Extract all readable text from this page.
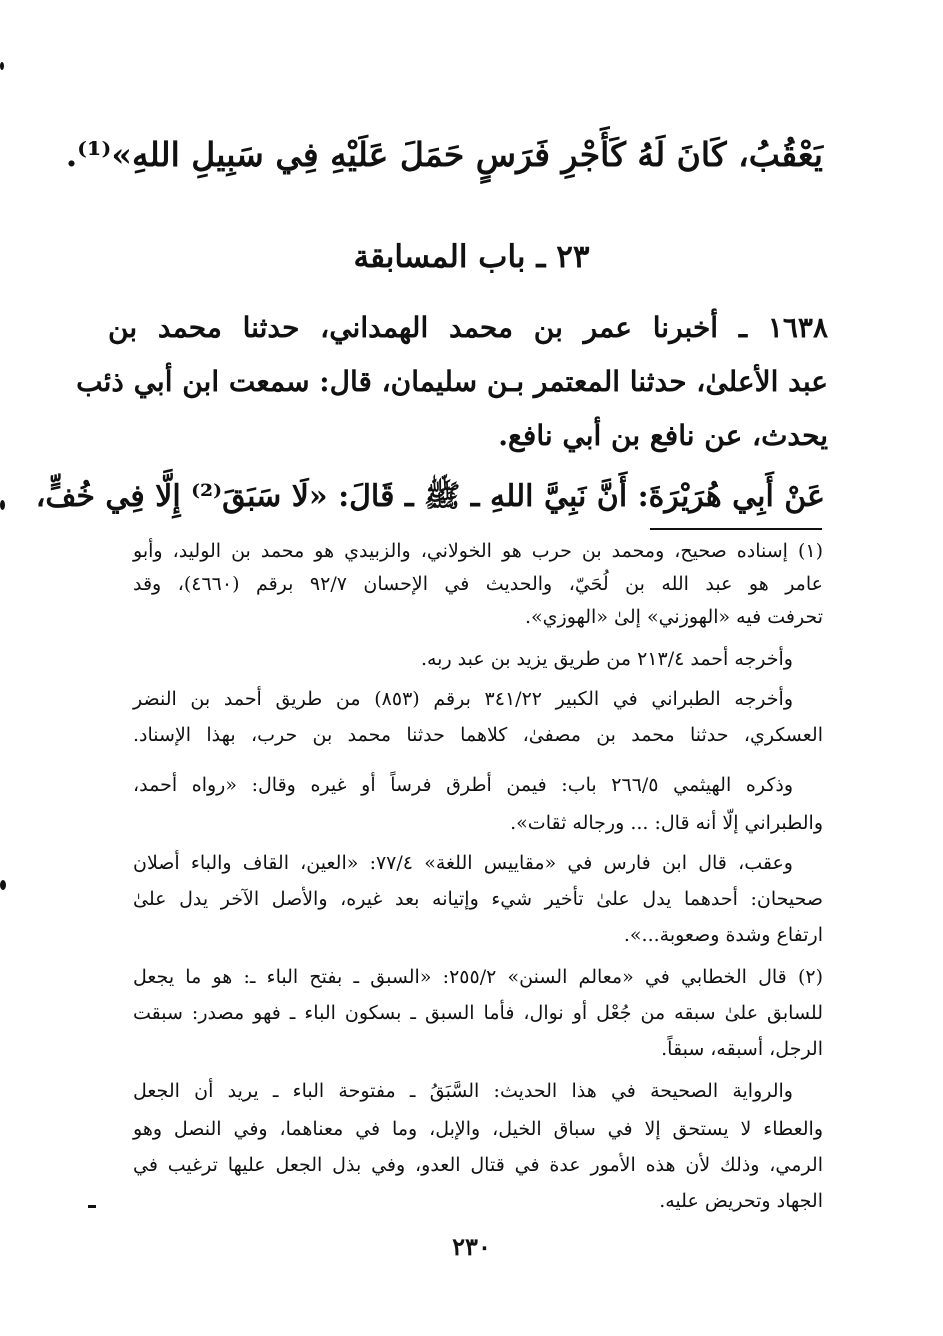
يَعْقُبُ، كَانَ لَهُ كَأَجْرِ فَرَسٍ حَمَلَ عَلَيْهِ فِي سَبِيلِ اللهِ»⁽¹⁾.
٢٣ ـ باب المسابقة
١٦٣٨ ـ أخبرنا عمر بن محمد الهمداني، حدثنا محمد بن
عبد الأعلىٰ، حدثنا المعتمر بـن سليمان، قال: سمعت ابن أبي ذئب
يحدث، عن نافع بن أبي نافع.
عَنْ أَبِي هُرَيْرَةَ: أَنَّ نَبِيَّ اللهِ ـ ﷺ ـ قَالَ: «لَا سَبَقَ⁽²⁾ إِلَّا فِي خُفٍّ،
(١) إسناده صحيح، ومحمد بن حرب هو الخولاني، والزبيدي هو محمد بن الوليد، وأبو
عامر هو عبد الله بن لُحَيّ، والحديث في الإحسان ٩٢/٧ برقم (٤٦٦٠)، وقد
تحرفت فيه «الهوزني» إلىٰ «الهوزي».
وأخرجه أحمد ٢١٣/٤ من طريق يزيد بن عبد ربه.
وأخرجه الطبراني في الكبير ٣٤١/٢٢ برقم (٨٥٣) من طريق أحمد بن النضر
العسكري، حدثنا محمد بن مصفىٰ، كلاهما حدثنا محمد بن حرب، بهذا الإسناد.
وذكره الهيثمي ٢٦٦/٥ باب: فيمن أطرق فرساً أو غيره وقال: «رواه أحمد،
والطبراني إلّا أنه قال: ... ورجاله ثقات».
وعقب، قال ابن فارس في «مقاييس اللغة» ٧٧/٤: «العين، القاف والباء أصلان
صحيحان: أحدهما يدل علىٰ تأخير شيء وإتيانه بعد غيره، والأصل الآخر يدل علىٰ
ارتفاع وشدة وصعوبة...».
(٢) قال الخطابي في «معالم السنن» ٢٥٥/٢: «السبق ـ بفتح الباء ـ: هو ما يجعل
للسابق علىٰ سبقه من جُعْل أو نوال، فأما السبق ـ بسكون الباء ـ فهو مصدر: سبقت
الرجل، أسبقه، سبقاً.
والرواية الصحيحة في هذا الحديث: السَّبَقُ ـ مفتوحة الباء ـ يريد أن الجعل
والعطاء لا يستحق إلا في سباق الخيل، والإبل، وما في معناهما، وفي النصل وهو
الرمي، وذلك لأن هذه الأمور عدة في قتال العدو، وفي بذل الجعل عليها ترغيب في
الجهاد وتحريض عليه.
٢٣٠
